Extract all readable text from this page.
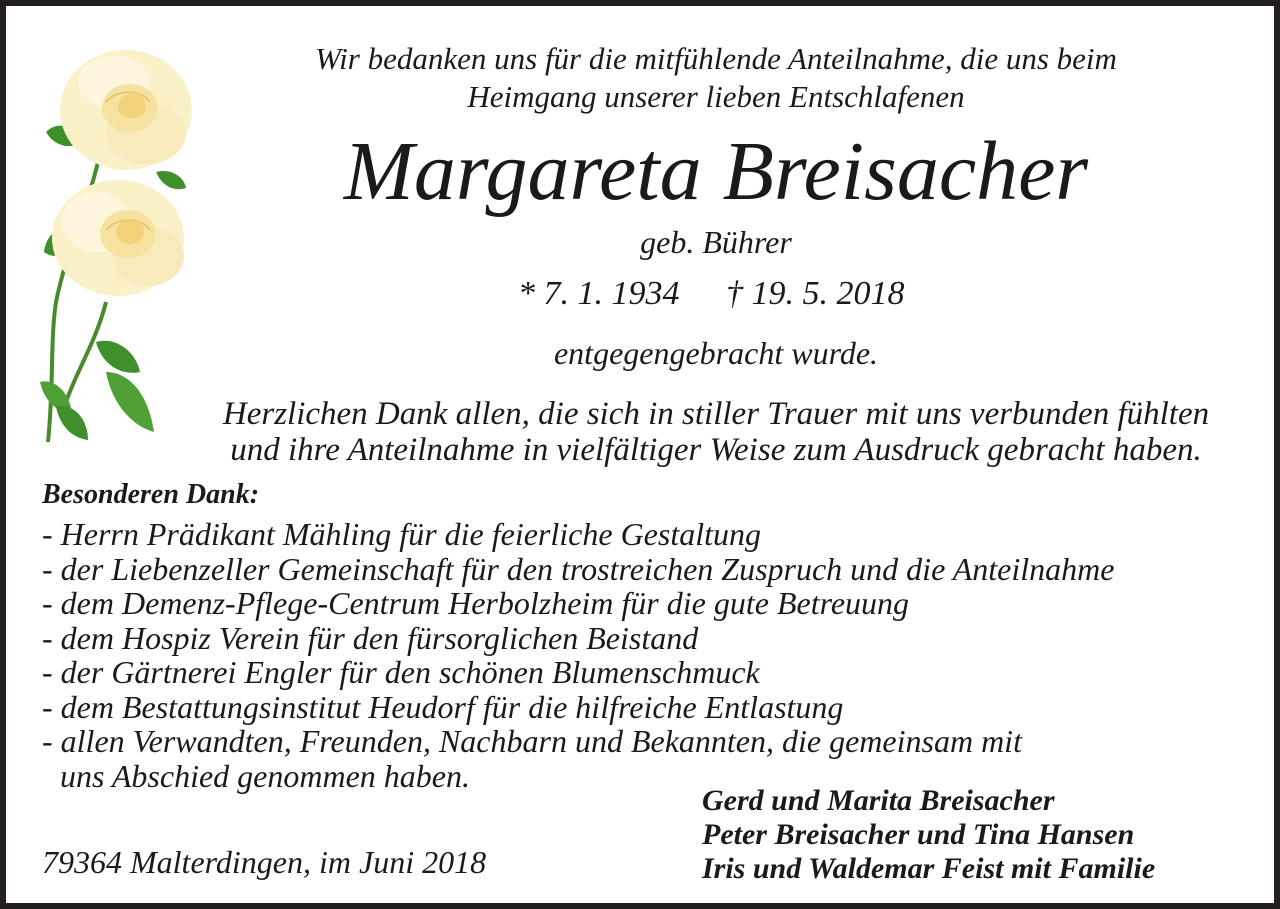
Wir bedanken uns für die mitfühlende Anteilnahme, die uns beim
Heimgang unserer lieben Entschlafenen
Margareta Breisacher
geb. Bührer
* 7. 1. 1934 † 19. 5. 2018
entgegengebracht wurde.
Herzlichen Dank allen, die sich in stiller Trauer mit uns verbunden fühlten
und ihre Anteilnahme in vielfältiger Weise zum Ausdruck gebracht haben.
Besonderen Dank:
- Herrn Prädikant Mähling für die feierliche Gestaltung
- der Liebenzeller Gemeinschaft für den trostreichen Zuspruch und die Anteilnahme
- dem Demenz-Pflege-Centrum Herbolzheim für die gute Betreuung
- dem Hospiz Verein für den fürsorglichen Beistand
- der Gärtnerei Engler für den schönen Blumenschmuck
- dem Bestattungsinstitut Heudorf für die hilfreiche Entlastung
- allen Verwandten, Freunden, Nachbarn und Bekannten, die gemeinsam mit
uns Abschied genommen haben.
79364 Malterdingen, im Juni 2018
Gerd und Marita Breisacher
Peter Breisacher und Tina Hansen
Iris und Waldemar Feist mit Familie
